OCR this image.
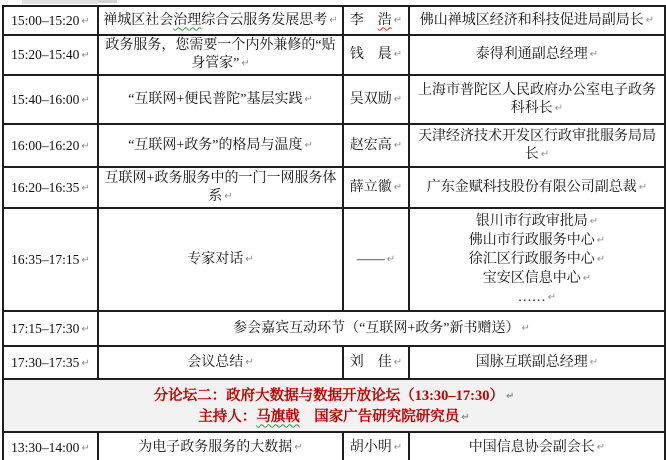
15:00–15:20↵	禅城区社会治理综合云服务发展思考↵	李　浩↵	佛山禅城区经济和科技促进局副局长↵
15:20–15:40↵	政务服务，您需要一个内外兼修的“贴身管家”↵	钱　晨↵	泰得利通副总经理↵
15:40–16:00↵	“互联网+便民普陀”基层实践↵	吴双励↵	上海市普陀区人民政府办公室电子政务科科长↵
16:00–16:20↵	“互联网+政务”的格局与温度↵	赵宏高↵	天津经济技术开发区行政审批服务局局长↵
16:20–16:35↵	互联网+政务服务中的一门一网服务体系↵	薛立徽↵	广东金赋科技股份有限公司副总裁↵
16:35–17:15↵	专家对话↵	——↵	银川市行政审批局↵
佛山市行政服务中心↵
徐汇区行政服务中心↵
宝安区信息中心↵
……↵

17:15–17:30↵	参会嘉宾互动环节（“互联网+政务”新书赠送）↵
17:30–17:35↵	会议总结↵	刘　佳↵	国脉互联副总经理↵

分论坛二：政府大数据与数据开放论坛（13:30–17:30）↵
主持人：马旗戟　国家广告研究院研究员↵

13:30–14:00↵	为电子政务服务的大数据↵	胡小明↵	中国信息协会副会长↵
